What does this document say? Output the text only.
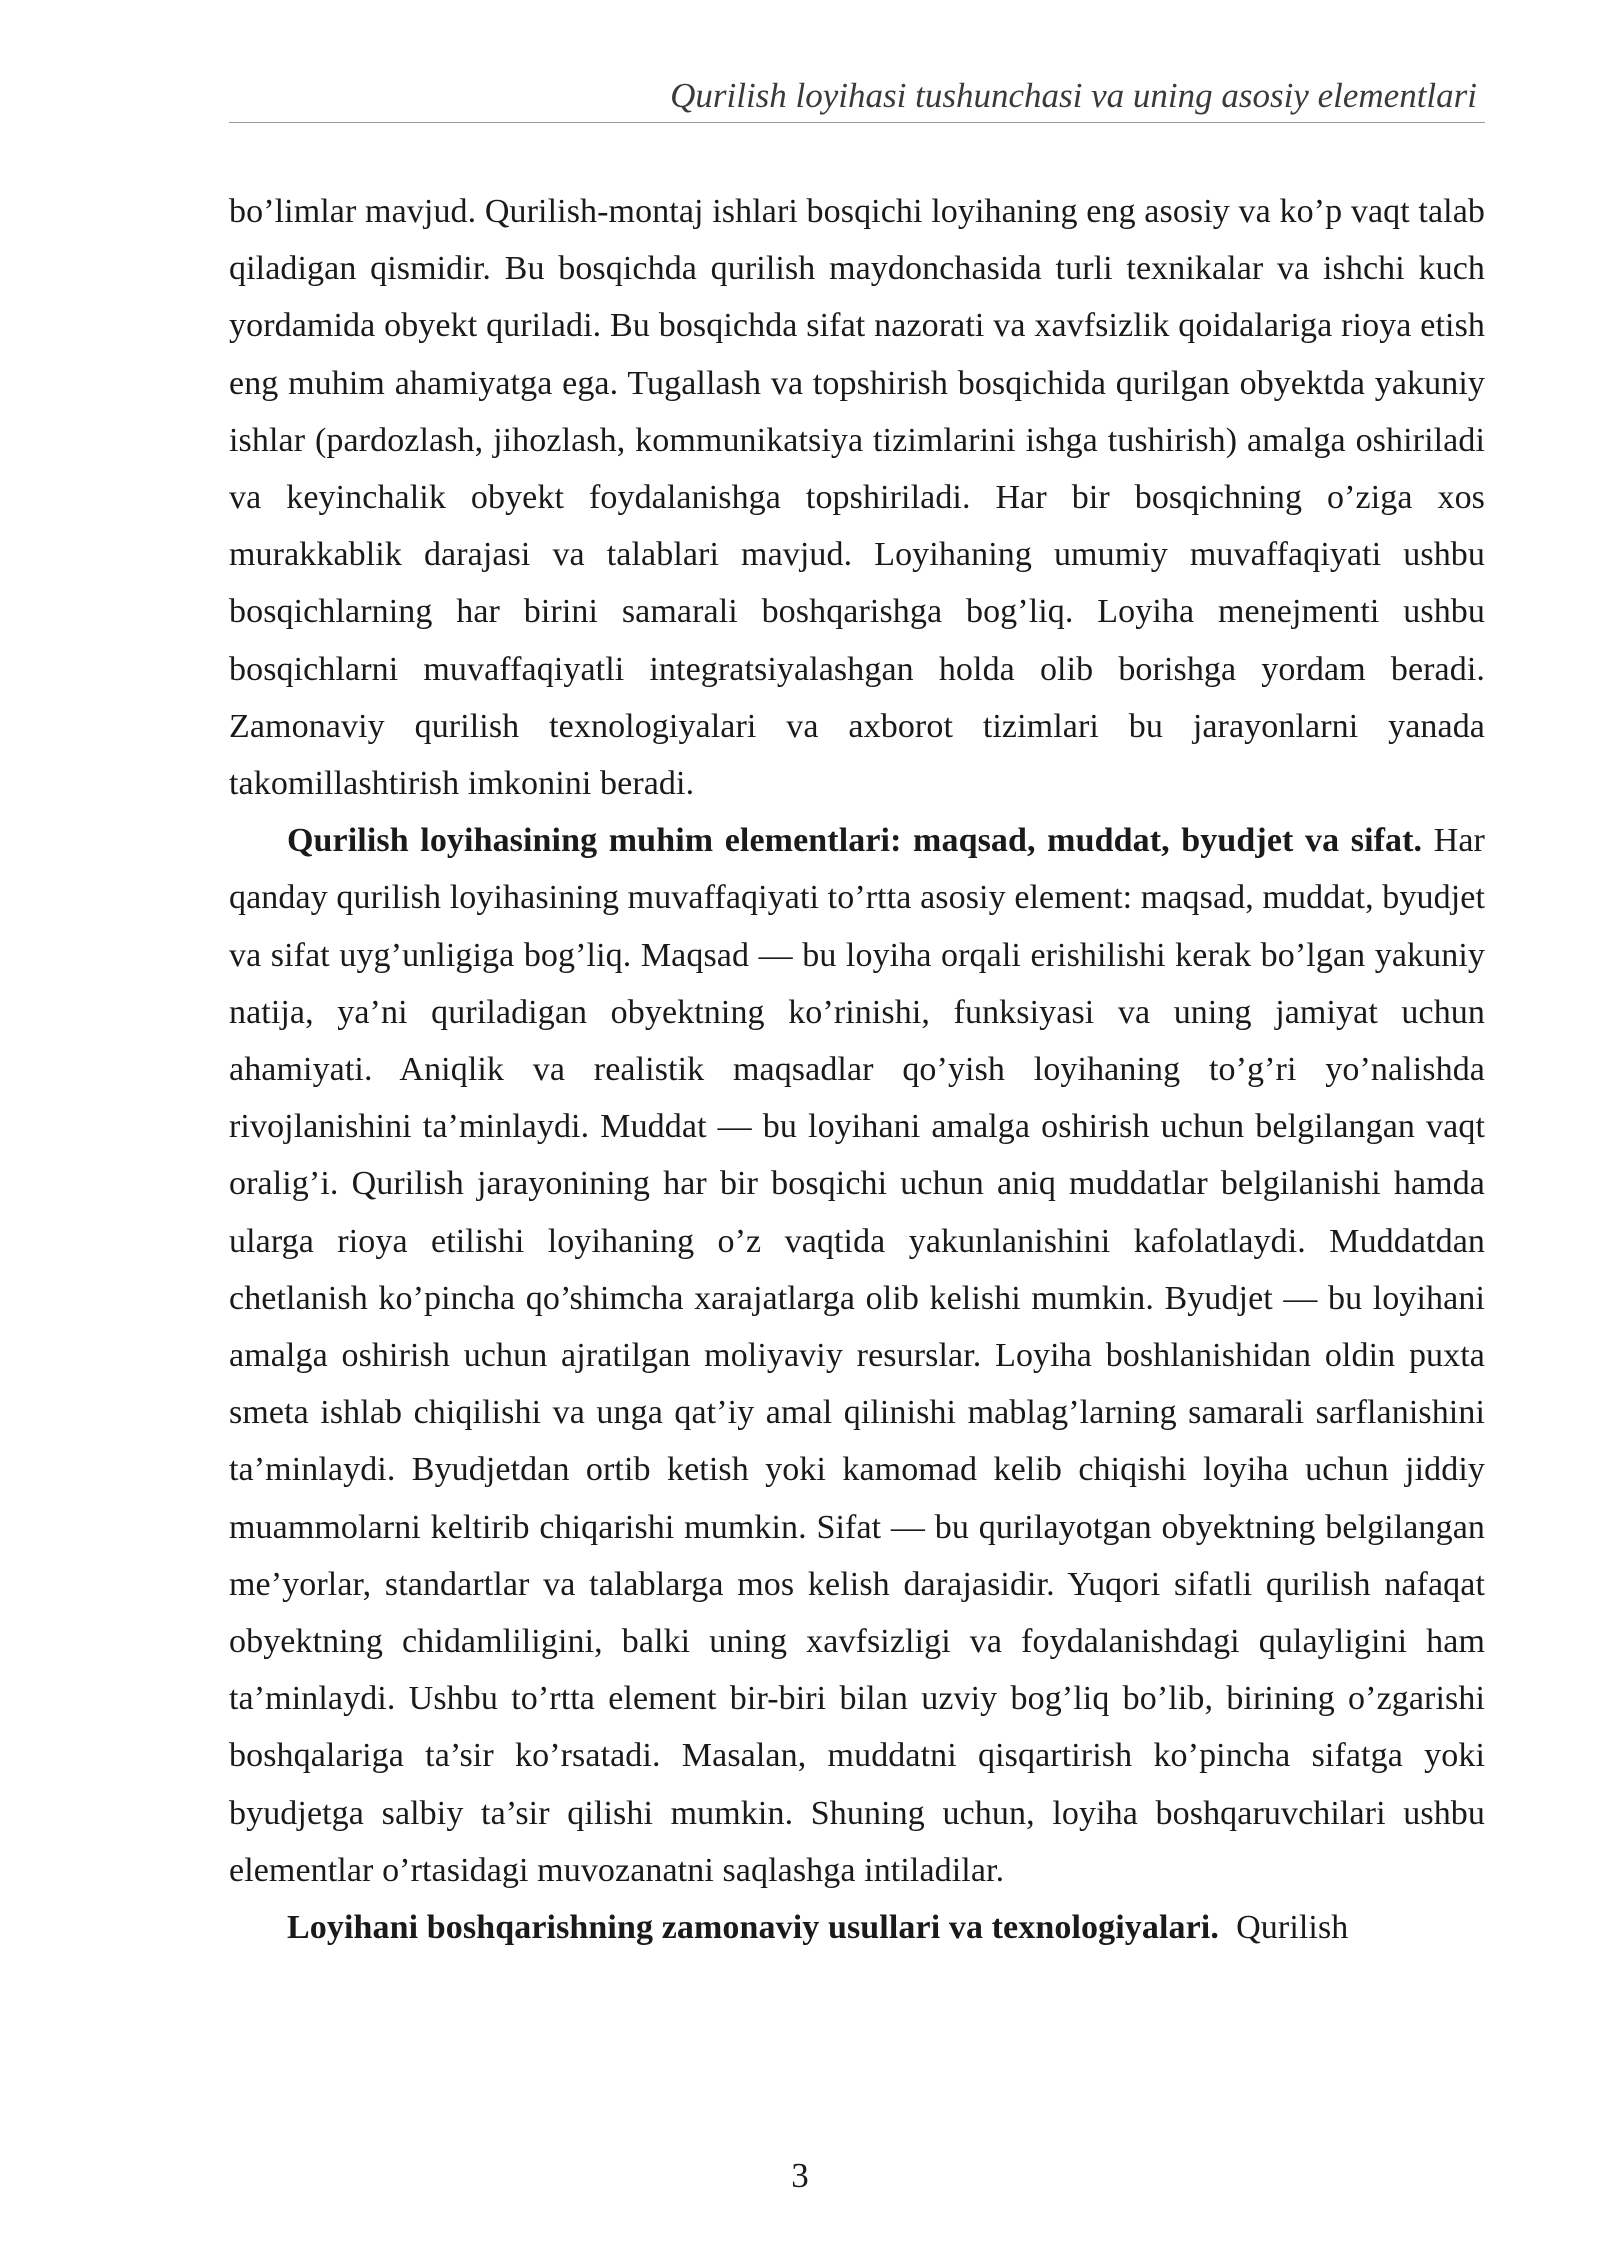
Qurilish loyihasi tushunchasi va uning asosiy elementlari

bo’limlar mavjud. Qurilish-montaj ishlari bosqichi loyihaning eng asosiy va ko’p vaqt talab qiladigan qismidir. Bu bosqichda qurilish maydonchasida turli texnikalar va ishchi kuch yordamida obyekt quriladi. Bu bosqichda sifat nazorati va xavfsizlik qoidalariga rioya etish eng muhim ahamiyatga ega. Tugallash va topshirish bosqichida qurilgan obyektda yakuniy ishlar (pardozlash, jihozlash, kommunikatsiya tizimlarini ishga tushirish) amalga oshiriladi va keyinchalik obyekt foydalanishga topshiriladi. Har bir bosqichning o’ziga xos murakkablik darajasi va talablari mavjud. Loyihaning umumiy muvaffaqiyati ushbu bosqichlarning har birini samarali boshqarishga bog’liq. Loyiha menejmenti ushbu bosqichlarni muvaffaqiyatli integratsiyalashgan holda olib borishga yordam beradi. Zamonaviy qurilish texnologiyalari va axborot tizimlari bu jarayonlarni yanada takomillashtirish imkonini beradi.

Qurilish loyihasining muhim elementlari: maqsad, muddat, byudjet va sifat. Har qanday qurilish loyihasining muvaffaqiyati to’rtta asosiy element: maqsad, muddat, byudjet va sifat uyg’unligiga bog’liq. Maqsad — bu loyiha orqali erishilishi kerak bo’lgan yakuniy natija, ya’ni quriladigan obyektning ko’rinishi, funksiyasi va uning jamiyat uchun ahamiyati. Aniqlik va realistik maqsadlar qo’yish loyihaning to’g’ri yo’nalishda rivojlanishini ta’minlaydi. Muddat — bu loyihani amalga oshirish uchun belgilangan vaqt oralig’i. Qurilish jarayonining har bir bosqichi uchun aniq muddatlar belgilanishi hamda ularga rioya etilishi loyihaning o’z vaqtida yakunlanishini kafolatlaydi. Muddatdan chetlanish ko’pincha qo’shimcha xarajatlarga olib kelishi mumkin. Byudjet — bu loyihani amalga oshirish uchun ajratilgan moliyaviy resurslar. Loyiha boshlanishidan oldin puxta smeta ishlab chiqilishi va unga qat’iy amal qilinishi mablag’larning samarali sarflanishini ta’minlaydi. Byudjetdan ortib ketish yoki kamomad kelib chiqishi loyiha uchun jiddiy muammolarni keltirib chiqarishi mumkin. Sifat — bu qurilayotgan obyektning belgilangan me’yorlar, standartlar va talablarga mos kelish darajasidir. Yuqori sifatli qurilish nafaqat obyektning chidamliligini, balki uning xavfsizligi va foydalanishdagi qulayligini ham ta’minlaydi. Ushbu to’rtta element bir-biri bilan uzviy bog’liq bo’lib, birining o’zgarishi boshqalariga ta’sir ko’rsatadi. Masalan, muddatni qisqartirish ko’pincha sifatga yoki byudjetga salbiy ta’sir qilishi mumkin. Shuning uchun, loyiha boshqaruvchilari ushbu elementlar o’rtasidagi muvozanatni saqlashga intiladilar.

Loyihani boshqarishning zamonaviy usullari va texnologiyalari. Qurilish

3
